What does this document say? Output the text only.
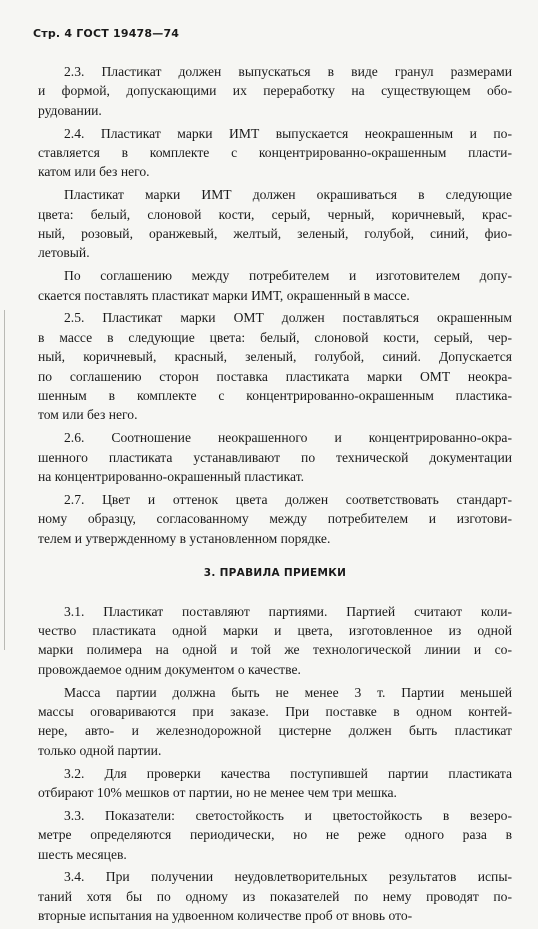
Стр. 4 ГОСТ 19478—74
2.3. Пластикат должен выпускаться в виде гранул размерами
и формой, допускающими их переработку на существующем обо-
рудовании.
2.4. Пластикат марки ИМТ выпускается неокрашенным и по-
ставляется в комплекте с концентрированно-окрашенным пласти-
катом или без него.
Пластикат марки ИМТ должен окрашиваться в следующие
цвета: белый, слоновой кости, серый, черный, коричневый, крас-
ный, розовый, оранжевый, желтый, зеленый, голубой, синий, фио-
летовый.
По соглашению между потребителем и изготовителем допу-
скается поставлять пластикат марки ИМТ, окрашенный в массе.
2.5. Пластикат марки ОМТ должен поставляться окрашенным
в массе в следующие цвета: белый, слоновой кости, серый, чер-
ный, коричневый, красный, зеленый, голубой, синий. Допускается
по соглашению сторон поставка пластиката марки ОМТ неокра-
шенным в комплекте с концентрированно-окрашенным пластика-
том или без него.
2.6. Соотношение неокрашенного и концентрированно-окра-
шенного пластиката устанавливают по технической документации
на концентрированно-окрашенный пластикат.
2.7. Цвет и оттенок цвета должен соответствовать стандарт-
ному образцу, согласованному между потребителем и изготови-
телем и утвержденному в установленном порядке.
3. ПРАВИЛА ПРИЕМКИ
3.1. Пластикат поставляют партиями. Партией считают коли-
чество пластиката одной марки и цвета, изготовленное из одной
марки полимера на одной и той же технологической линии и со-
провождаемое одним документом о качестве.
Масса партии должна быть не менее 3 т. Партии меньшей
массы оговариваются при заказе. При поставке в одном контей-
нере, авто- и железнодорожной цистерне должен быть пластикат
только одной партии.
3.2. Для проверки качества поступившей партии пластиката
отбирают 10% мешков от партии, но не менее чем три мешка.
3.3. Показатели: светостойкость и цветостойкость в везеро-
метре определяются периодически, но не реже одного раза в
шесть месяцев.
3.4. При получении неудовлетворительных результатов испы-
таний хотя бы по одному из показателей по нему проводят по-
вторные испытания на удвоенном количестве проб от вновь ото-
